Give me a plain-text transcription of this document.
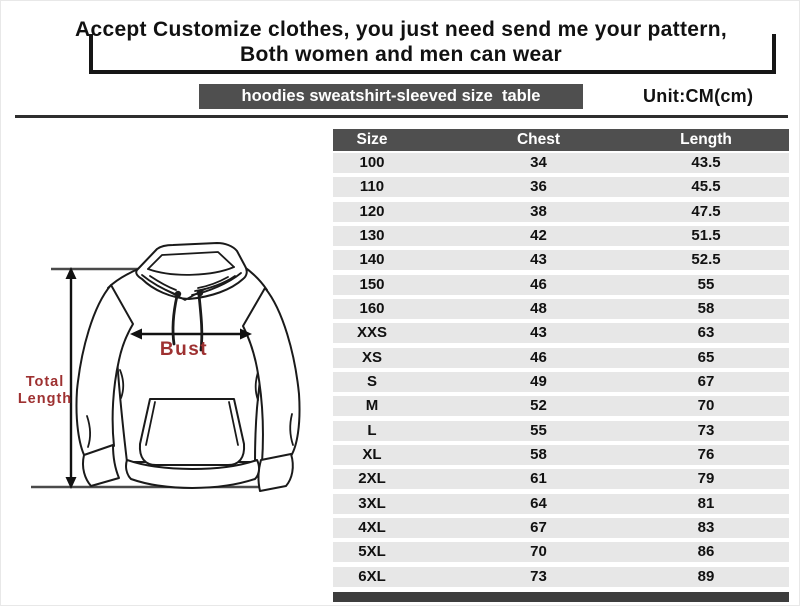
Accept Customize clothes, you just need send me your pattern,
Both women and men can wear
hoodies sweatshirt-sleeved size  table	Unit:CM(cm)
Total
Length
Bust
Size	Chest	Length
100	34	43.5
110	36	45.5
120	38	47.5
130	42	51.5
140	43	52.5
150	46	55
160	48	58
XXS	43	63
XS	46	65
S	49	67
M	52	70
L	55	73
XL	58	76
2XL	61	79
3XL	64	81
4XL	67	83
5XL	70	86
6XL	73	89
